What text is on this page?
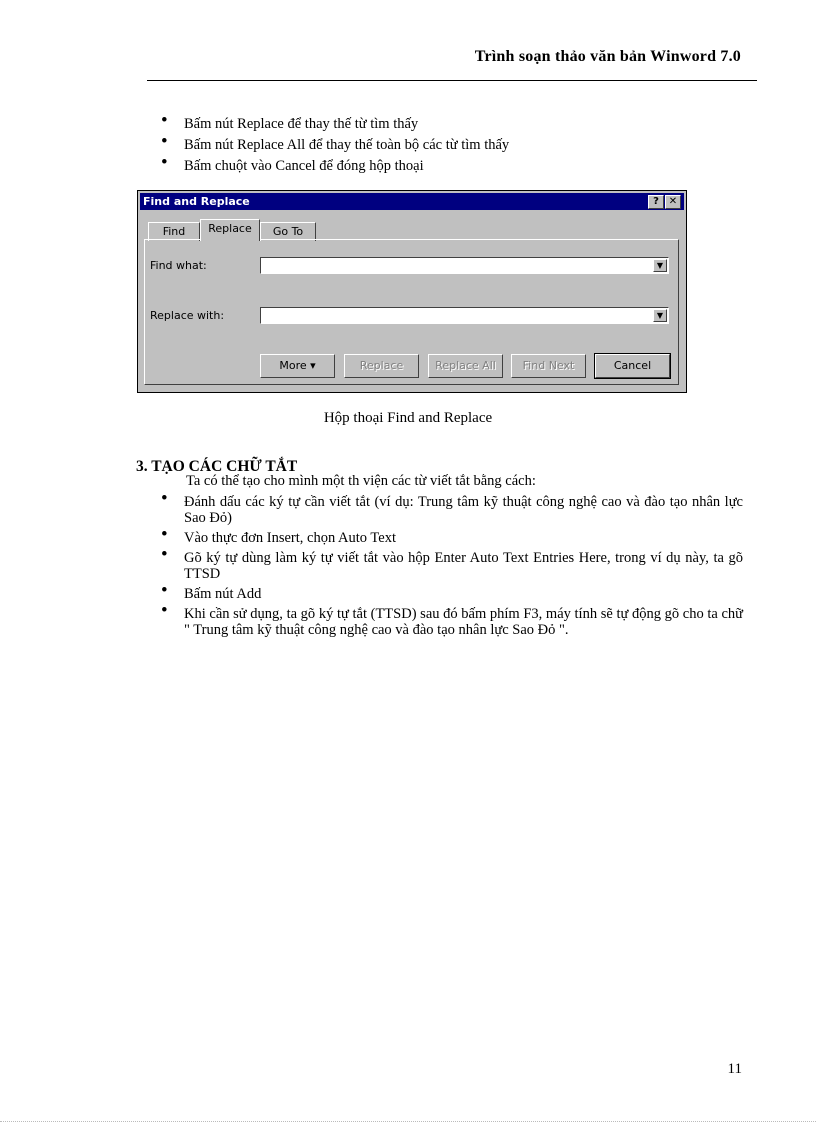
Trình soạn thảo văn bản Winword 7.0
• Bấm nút Replace để thay thế từ tìm thấy
• Bấm nút Replace All để thay thế toàn bộ các từ tìm thấy
• Bấm chuột vào Cancel để đóng hộp thoại
Find and Replace	? ✕
Find	Replace	Go To
Find what:	▼
Replace with:	▼
More ▾	Replace	Replace All	Find Next	Cancel
Hộp thoại Find and Replace
3. TẠO CÁC CHỮ TẮT
Ta có thể tạo cho mình một th viện các từ viết tắt bằng cách:
• Đánh dấu các ký tự cần viết tắt (ví dụ: Trung tâm kỹ thuật công nghệ cao và đào tạo nhân lực Sao Đỏ)
• Vào thực đơn Insert, chọn Auto Text
• Gõ ký tự dùng làm ký tự viết tắt vào hộp Enter Auto Text Entries Here, trong ví dụ này, ta gõ TTSD
• Bấm nút Add
• Khi cần sử dụng, ta gõ ký tự tắt (TTSD) sau đó bấm phím F3, máy tính sẽ tự động gõ cho ta chữ " Trung tâm kỹ thuật công nghệ cao và đào tạo nhân lực Sao Đỏ ".
11
